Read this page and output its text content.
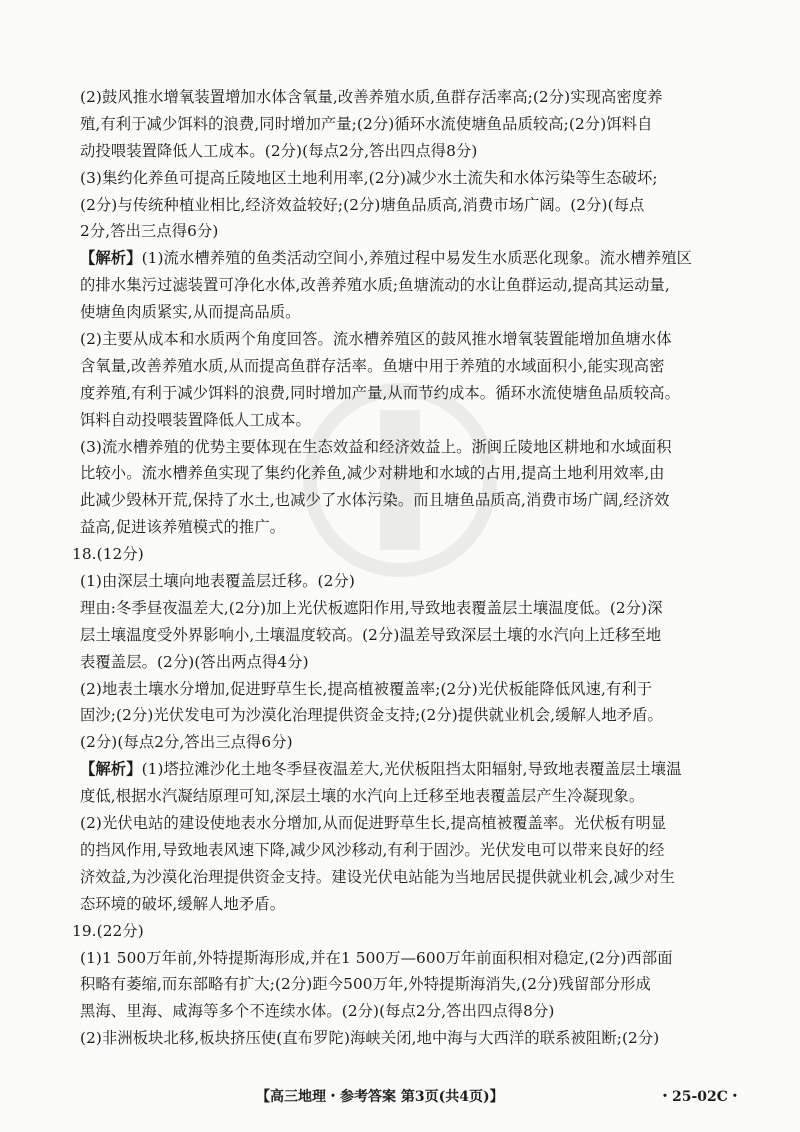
(2)鼓风推水增氧装置增加水体含氧量,改善养殖水质,鱼群存活率高;(2分)实现高密度养
殖,有利于减少饵料的浪费,同时增加产量;(2分)循环水流使塘鱼品质较高;(2分)饵料自
动投喂装置降低人工成本。(2分)(每点2分,答出四点得8分)
(3)集约化养鱼可提高丘陵地区土地利用率,(2分)减少水土流失和水体污染等生态破坏;
(2分)与传统种植业相比,经济效益较好;(2分)塘鱼品质高,消费市场广阔。(2分)(每点
2分,答出三点得6分)
【解析】(1)流水槽养殖的鱼类活动空间小,养殖过程中易发生水质恶化现象。流水槽养殖区
的排水集污过滤装置可净化水体,改善养殖水质;鱼塘流动的水让鱼群运动,提高其运动量,
使塘鱼肉质紧实,从而提高品质。
(2)主要从成本和水质两个角度回答。流水槽养殖区的鼓风推水增氧装置能增加鱼塘水体
含氧量,改善养殖水质,从而提高鱼群存活率。鱼塘中用于养殖的水域面积小,能实现高密
度养殖,有利于减少饵料的浪费,同时增加产量,从而节约成本。循环水流使塘鱼品质较高。
饵料自动投喂装置降低人工成本。
(3)流水槽养殖的优势主要体现在生态效益和经济效益上。浙闽丘陵地区耕地和水域面积
比较小。流水槽养鱼实现了集约化养鱼,减少对耕地和水域的占用,提高土地利用效率,由
此减少毁林开荒,保持了水土,也减少了水体污染。而且塘鱼品质高,消费市场广阔,经济效
益高,促进该养殖模式的推广。
18.(12分)
(1)由深层土壤向地表覆盖层迁移。(2分)
理由:冬季昼夜温差大,(2分)加上光伏板遮阳作用,导致地表覆盖层土壤温度低。(2分)深
层土壤温度受外界影响小,土壤温度较高。(2分)温差导致深层土壤的水汽向上迁移至地
表覆盖层。(2分)(答出两点得4分)
(2)地表土壤水分增加,促进野草生长,提高植被覆盖率;(2分)光伏板能降低风速,有利于
固沙;(2分)光伏发电可为沙漠化治理提供资金支持;(2分)提供就业机会,缓解人地矛盾。
(2分)(每点2分,答出三点得6分)
【解析】(1)塔拉滩沙化土地冬季昼夜温差大,光伏板阻挡太阳辐射,导致地表覆盖层土壤温
度低,根据水汽凝结原理可知,深层土壤的水汽向上迁移至地表覆盖层产生冷凝现象。
(2)光伏电站的建设使地表水分增加,从而促进野草生长,提高植被覆盖率。光伏板有明显
的挡风作用,导致地表风速下降,减少风沙移动,有利于固沙。光伏发电可以带来良好的经
济效益,为沙漠化治理提供资金支持。建设光伏电站能为当地居民提供就业机会,减少对生
态环境的破坏,缓解人地矛盾。
19.(22分)
(1)1 500万年前,外特提斯海形成,并在1 500万—600万年前面积相对稳定,(2分)西部面
积略有萎缩,而东部略有扩大;(2分)距今500万年,外特提斯海消失,(2分)残留部分形成
黑海、里海、咸海等多个不连续水体。(2分)(每点2分,答出四点得8分)
(2)非洲板块北移,板块挤压使(直布罗陀)海峡关闭,地中海与大西洋的联系被阻断;(2分)
【高三地理・参考答案 第3页(共4页)】	・25-02C・
